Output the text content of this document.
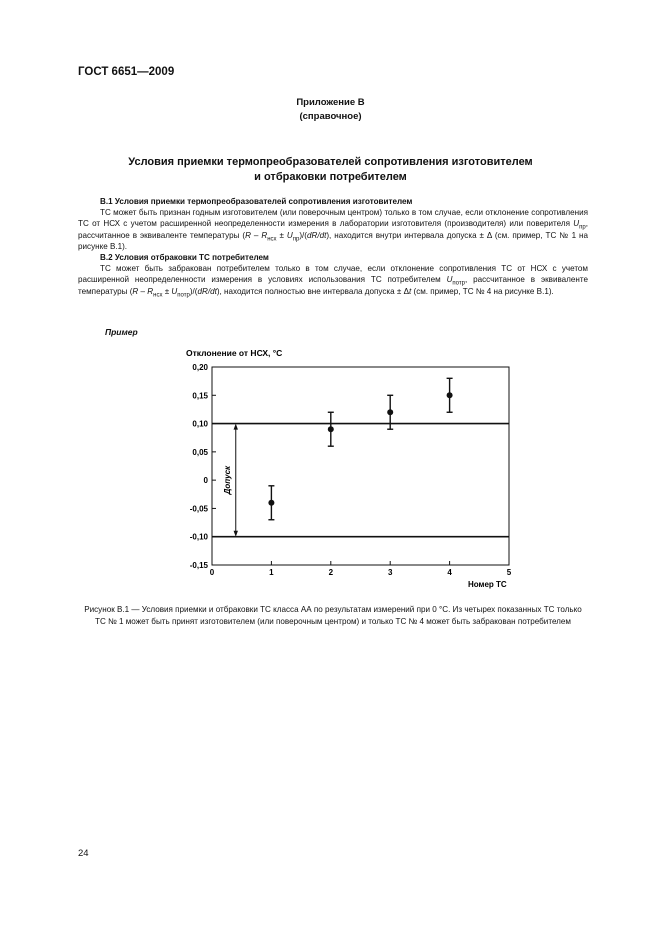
ГОСТ 6651—2009
Приложение В
(справочное)
Условия приемки термопреобразователей сопротивления изготовителем
и отбраковки потребителем

В.1 Условия приемки термопреобразователей сопротивления изготовителем

ТС может быть признан годным изготовителем (или поверочным центром) только в том случае, если отклонение сопротивления ТС от НСХ с учетом расширенной неопределенности измерения в лаборатории изготовителя (производителя) или поверителя $U_{пр}$, рассчитанное в эквиваленте температуры $(R - R_{нсх} \pm U_{пр})/(dR/dt)$, находится внутри интервала допуска ± Δ (см. пример, ТС № 1 на рисунке В.1).

В.2 Условия отбраковки ТС потребителем

ТС может быть забракован потребителем только в том случае, если отклонение сопротивления ТС от НСХ с учетом расширенной неопределенности измерения в условиях использования ТС потребителем $U_{потр}$, рассчитанное в эквиваленте температуры $(R - R_{нсх} \pm U_{потр})/(dR/dt)$, находится полностью вне интервала допуска ± Δt (см. пример, ТС № 4 на рисунке В.1).

Пример
Отклонение от НСХ, °С
Номер ТС
0,20
0,15
0,10
0,05
0
-0,05
-0,10
-0,15
0	1	2	3	4	5
Допуск
Рисунок В.1 — Условия приемки и отбраковки ТС класса АА по результатам измерений при 0 °С. Из четырех показанных ТС только ТС № 1 может быть принят изготовителем (или поверочным центром) и только ТС № 4 может быть забракован потребителем
24
